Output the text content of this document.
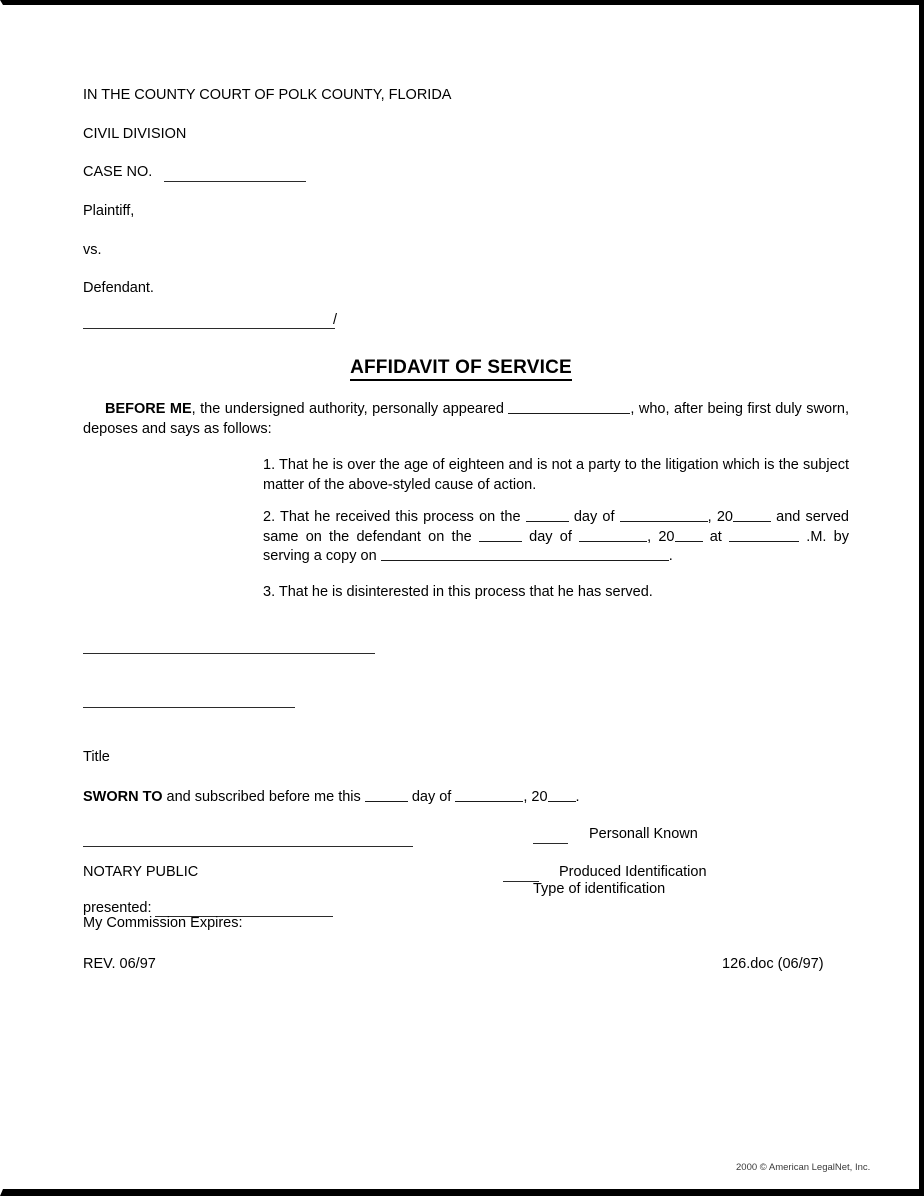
IN THE COUNTY COURT OF POLK COUNTY, FLORIDA
CIVIL DIVISION
CASE NO.
Plaintiff,
vs.
Defendant.
/
AFFIDAVIT OF SERVICE
BEFORE ME, the undersigned authority, personally appeared	, who, after being first duly sworn, deposes and says as follows:
1. That he is over the age of eighteen and is not a party to the litigation which is the subject matter of the above-styled cause of action.
2. That he received this process on the	day of	, 20	and served same on the defendant on the	day of	, 20 at	.M. by serving a copy on	.
3. That he is disinterested in this process that he has served.
Title
SWORN TO and subscribed before me this	day of	, 20 .
NOTARY PUBLIC
presented:
My Commission Expires:
Personall Known
Produced Identification
Type of identification
REV. 06/97	126.doc (06/97)
2000 © American LegalNet, Inc.
